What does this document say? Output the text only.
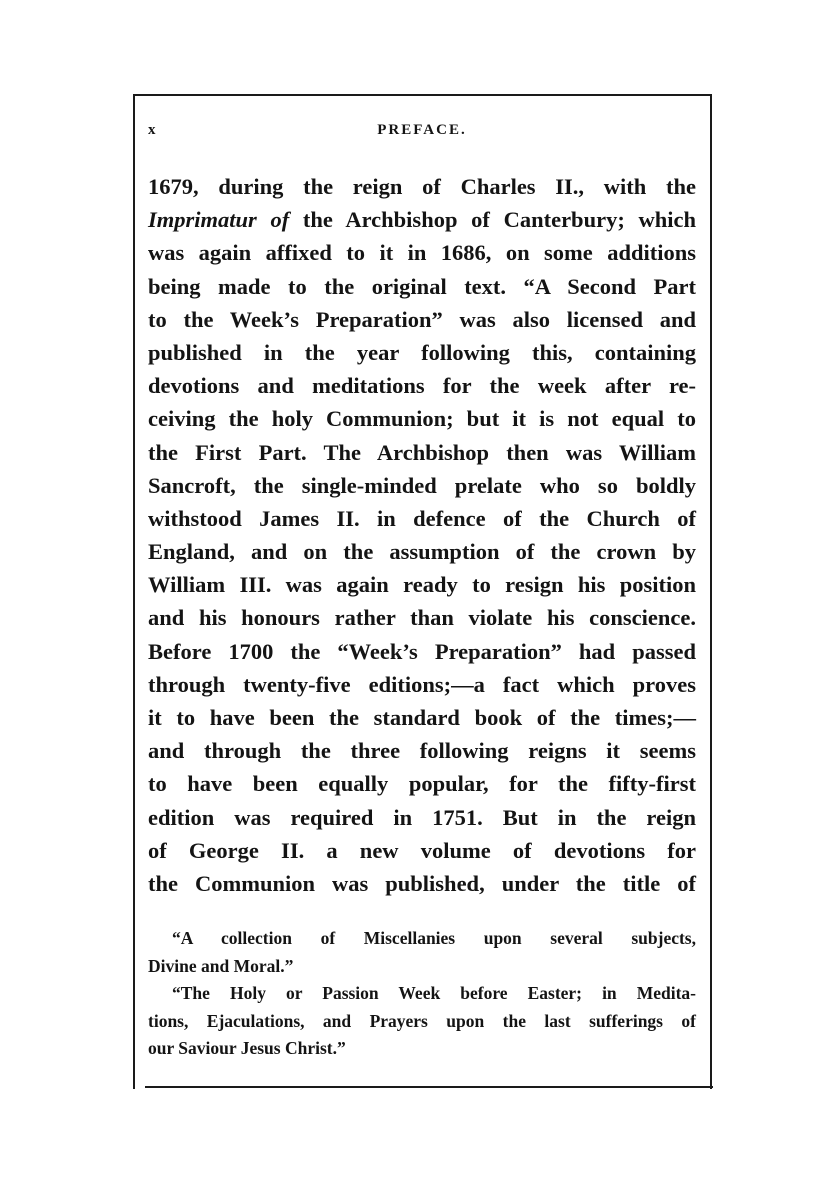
x	PREFACE.
1679, during the reign of Charles II., with the
Imprimatur of the Archbishop of Canterbury; which
was again affixed to it in 1686, on some additions
being made to the original text. “A Second Part
to the Week’s Preparation” was also licensed and
published in the year following this, containing
devotions and meditations for the week after re-
ceiving the holy Communion; but it is not equal to
the First Part. The Archbishop then was William
Sancroft, the single-minded prelate who so boldly
withstood James II. in defence of the Church of
England, and on the assumption of the crown by
William III. was again ready to resign his position
and his honours rather than violate his conscience.
Before 1700 the “Week’s Preparation” had passed
through twenty-five editions;—a fact which proves
it to have been the standard book of the times;—
and through the three following reigns it seems
to have been equally popular, for the fifty-first
edition was required in 1751. But in the reign
of George II. a new volume of devotions for
the Communion was published, under the title of
“A collection of Miscellanies upon several subjects,
Divine and Moral.”
“The Holy or Passion Week before Easter; in Medita-
tions, Ejaculations, and Prayers upon the last sufferings of
our Saviour Jesus Christ.”
